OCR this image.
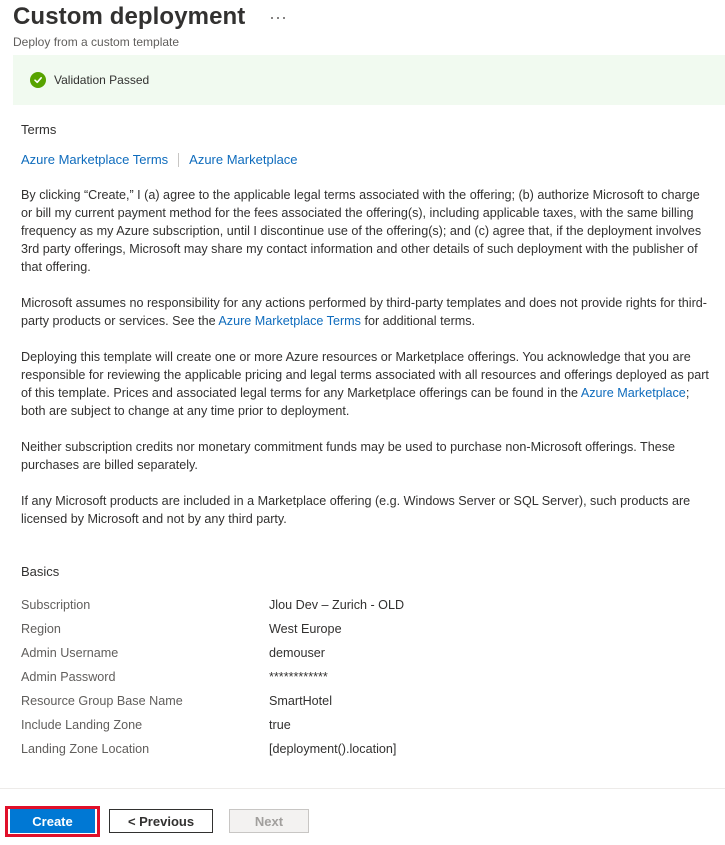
Custom deployment
Deploy from a custom template
Validation Passed
Terms
Azure Marketplace Terms Azure Marketplace

By clicking “Create,” I (a) agree to the applicable legal terms associated with the offering; (b) authorize Microsoft to charge or bill my current payment method for the fees associated the offering(s), including applicable taxes, with the same billing frequency as my Azure subscription, until I discontinue use of the offering(s); and (c) agree that, if the deployment involves 3rd party offerings, Microsoft may share my contact information and other details of such deployment with the publisher of that offering.

Microsoft assumes no responsibility for any actions performed by third-party templates and does not provide rights for third-party products or services. See the Azure Marketplace Terms for additional terms.

Deploying this template will create one or more Azure resources or Marketplace offerings. You acknowledge that you are responsible for reviewing the applicable pricing and legal terms associated with all resources and offerings deployed as part of this template. Prices and associated legal terms for any Marketplace offerings can be found in the Azure Marketplace; both are subject to change at any time prior to deployment.

Neither subscription credits nor monetary commitment funds may be used to purchase non-Microsoft offerings. These purchases are billed separately.

If any Microsoft products are included in a Marketplace offering (e.g. Windows Server or SQL Server), such products are licensed by Microsoft and not by any third party.

Basics
Subscription	Jlou Dev – Zurich - OLD
Region	West Europe
Admin Username	demouser
Admin Password	************
Resource Group Base Name	SmartHotel
Include Landing Zone	true
Landing Zone Location	[deployment().location]
Create	< Previous	Next
